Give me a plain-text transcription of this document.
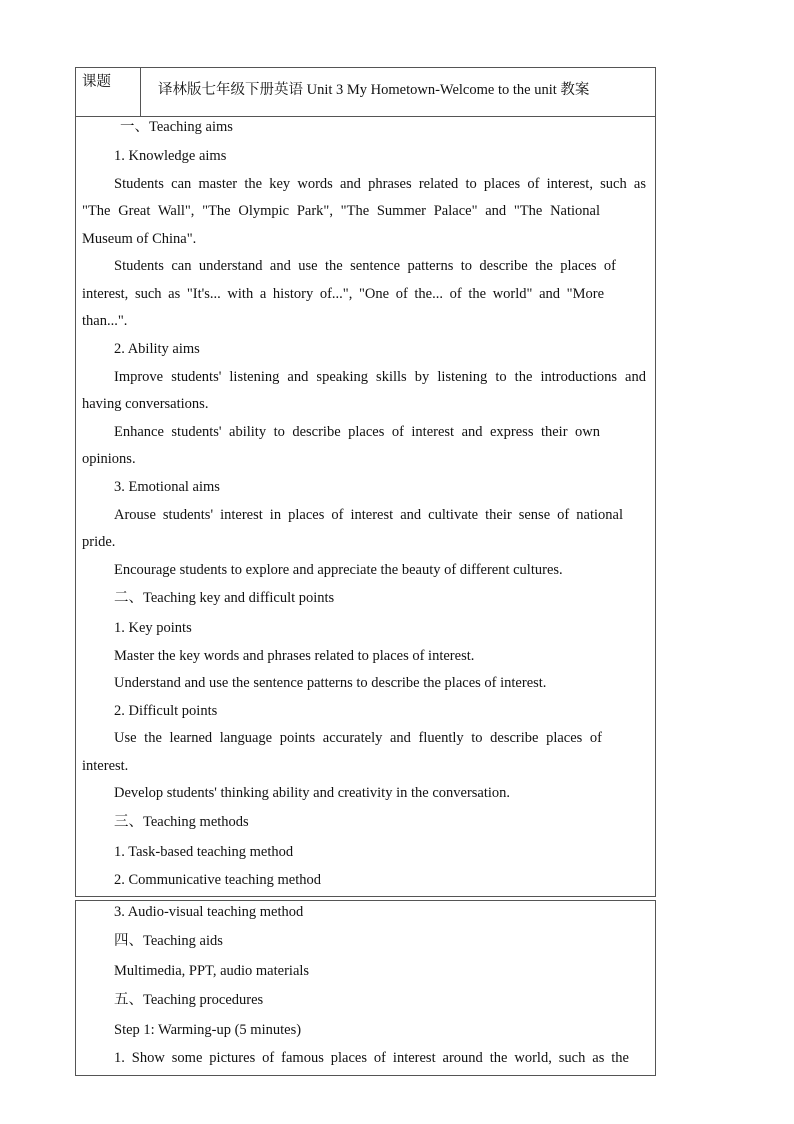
课题	译林版七年级下册英语 Unit 3 My Hometown-Welcome to the unit 教案
一、Teaching aims
1. Knowledge aims
Students can master the key words and phrases related to places of interest, such as
"The Great Wall", "The Olympic Park", "The Summer Palace" and "The National
Museum of China".
Students can understand and use the sentence patterns to describe the places of
interest, such as "It's... with a history of...", "One of the... of the world" and "More
than...".
2. Ability aims
Improve students' listening and speaking skills by listening to the introductions and
having conversations.
Enhance students' ability to describe places of interest and express their own
opinions.
3. Emotional aims
Arouse students' interest in places of interest and cultivate their sense of national
pride.
Encourage students to explore and appreciate the beauty of different cultures.
二、Teaching key and difficult points
1. Key points
Master the key words and phrases related to places of interest.
Understand and use the sentence patterns to describe the places of interest.
2. Difficult points
Use the learned language points accurately and fluently to describe places of
interest.
Develop students' thinking ability and creativity in the conversation.
三、Teaching methods
1. Task-based teaching method
2. Communicative teaching method
3. Audio-visual teaching method
四、Teaching aids
Multimedia, PPT, audio materials
五、Teaching procedures
Step 1: Warming-up (5 minutes)
1. Show some pictures of famous places of interest around the world, such as the
